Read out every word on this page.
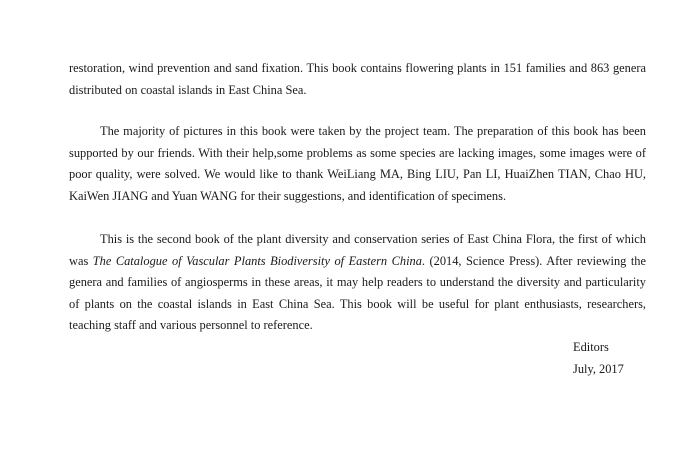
restoration, wind prevention and sand fixation. This book contains flowering plants in 151 families and 863 genera distributed on coastal islands in East China Sea.

The majority of pictures in this book were taken by the project team. The preparation of this book has been supported by our friends. With their help,some problems as some species are lacking images, some images were of poor quality, were solved. We would like to thank WeiLiang MA, Bing LIU, Pan LI, HuaiZhen TIAN, Chao HU, KaiWen JIANG and Yuan WANG for their suggestions, and identification of specimens.

This is the second book of the plant diversity and conservation series of East China Flora, the first of which was The Catalogue of Vascular Plants Biodiversity of Eastern China. (2014, Science Press). After reviewing the genera and families of angiosperms in these areas, it may help readers to understand the diversity and particularity of plants on the coastal islands in East China Sea. This book will be useful for plant enthusiasts, researchers, teaching staff and various personnel to reference.

Editors
July, 2017
